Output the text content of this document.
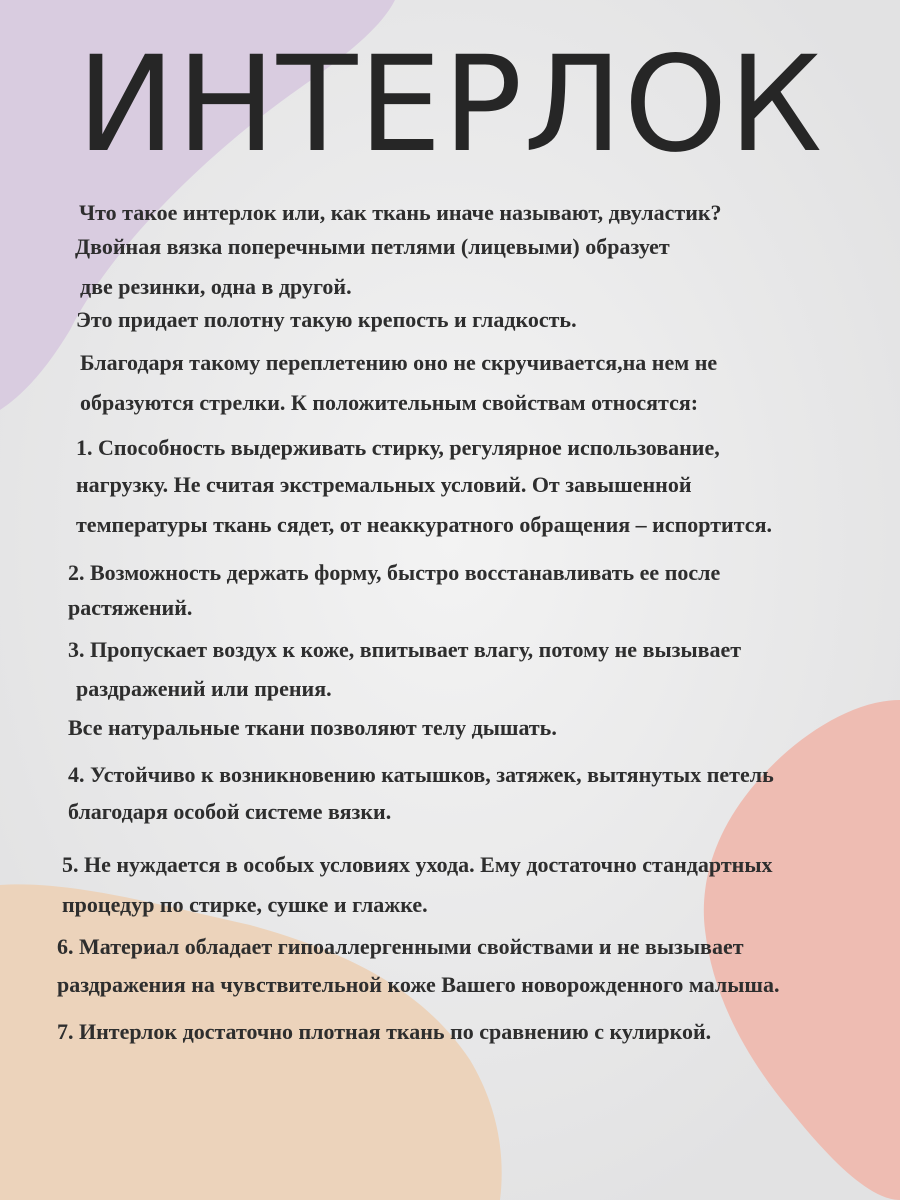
ИНТЕРЛОК
Что такое интерлок или, как ткань иначе называют, двуластик?
Двойная вязка поперечными петлями (лицевыми) образует
две резинки, одна в другой.
Это придает полотну такую крепость и гладкость.
Благодаря такому переплетению оно не скручивается,на нем не
образуются стрелки. К положительным свойствам относятся:
1. Способность выдерживать стирку, регулярное использование,
нагрузку. Не считая экстремальных условий. От завышенной
температуры ткань сядет, от неаккуратного обращения – испортится.
2. Возможность держать форму, быстро восстанавливать ее после
растяжений.
3. Пропускает воздух к коже, впитывает влагу, потому не вызывает
раздражений или прения.
Все натуральные ткани позволяют телу дышать.
4. Устойчиво к возникновению катышков, затяжек, вытянутых петель
благодаря особой системе вязки.
5. Не нуждается в особых условиях ухода. Ему достаточно стандартных
процедур по стирке, сушке и глажке.
6. Материал обладает гипоаллергенными свойствами и не вызывает
раздражения на чувствительной коже Вашего новорожденного малыша.
7. Интерлок достаточно плотная ткань по сравнению с кулиркой.
